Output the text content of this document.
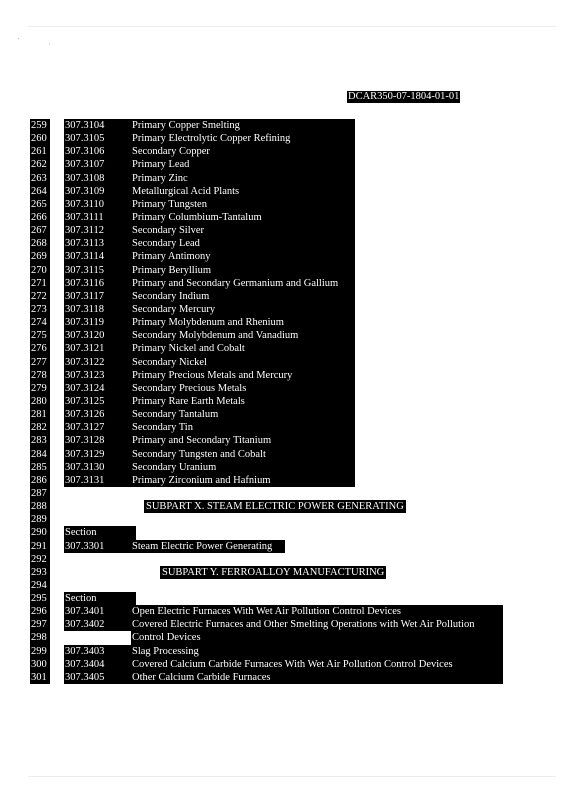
DCAR350-07-1804-01-01
259	307.3104	Primary Copper Smelting
260	307.3105	Primary Electrolytic Copper Refining
261	307.3106	Secondary Copper
262	307.3107	Primary Lead
263	307.3108	Primary Zinc
264	307.3109	Metallurgical Acid Plants
265	307.3110	Primary Tungsten
266	307.3111	Primary Columbium-Tantalum
267	307.3112	Secondary Silver
268	307.3113	Secondary Lead
269	307.3114	Primary Antimony
270	307.3115	Primary Beryllium
271	307.3116	Primary and Secondary Germanium and Gallium
272	307.3117	Secondary Indium
273	307.3118	Secondary Mercury
274	307.3119	Primary Molybdenum and Rhenium
275	307.3120	Secondary Molybdenum and Vanadium
276	307.3121	Primary Nickel and Cobalt
277	307.3122	Secondary Nickel
278	307.3123	Primary Precious Metals and Mercury
279	307.3124	Secondary Precious Metals
280	307.3125	Primary Rare Earth Metals
281	307.3126	Secondary Tantalum
282	307.3127	Secondary Tin
283	307.3128	Primary and Secondary Titanium
284	307.3129	Secondary Tungsten and Cobalt
285	307.3130	Secondary Uranium
286	307.3131	Primary Zirconium and Hafnium
287
288	SUBPART X. STEAM ELECTRIC POWER GENERATING
289
290	Section
291	307.3301	Steam Electric Power Generating
292
293	SUBPART Y. FERROALLOY MANUFACTURING
294
295	Section
296	307.3401	Open Electric Furnaces With Wet Air Pollution Control Devices
297	307.3402	Covered Electric Furnaces and Other Smelting Operations with Wet Air Pollution
298	Control Devices
299	307.3403	Slag Processing
300	307.3404	Covered Calcium Carbide Furnaces With Wet Air Pollution Control Devices
301	307.3405	Other Calcium Carbide Furnaces
